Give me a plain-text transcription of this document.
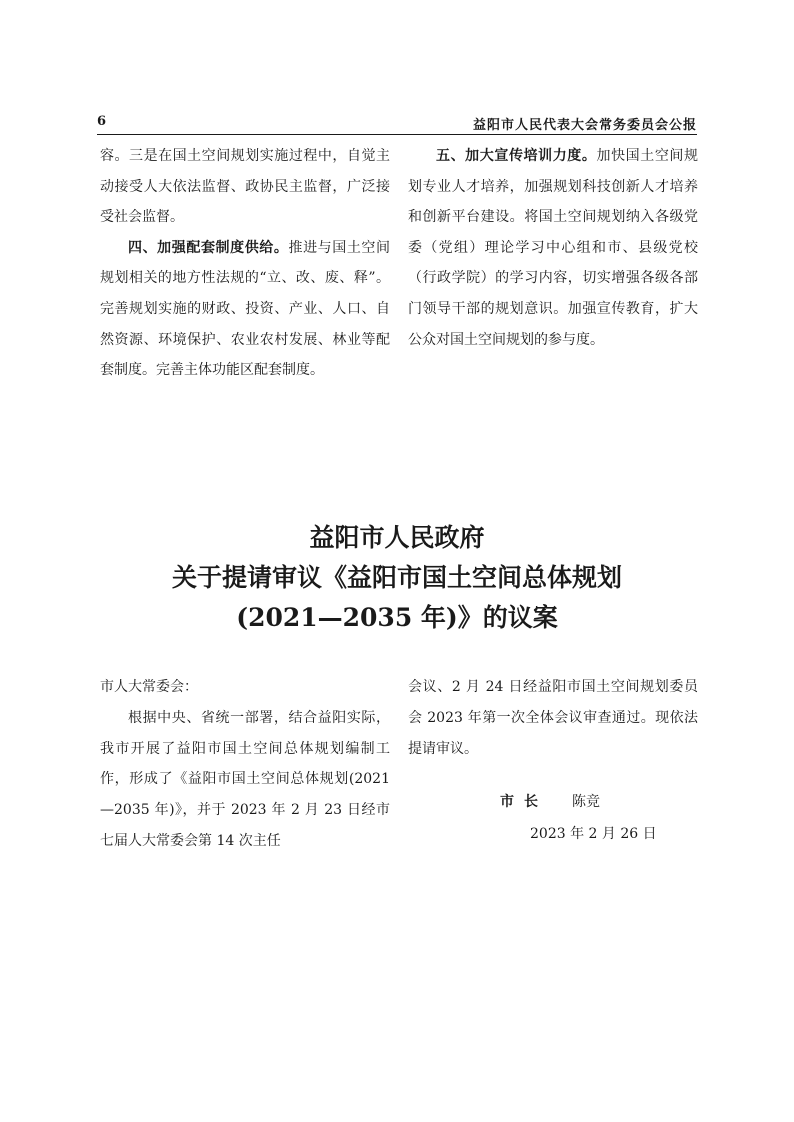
6	益阳市人民代表大会常务委员会公报

容。三是在国土空间规划实施过程中，自觉主动接受人大依法监督、政协民主监督，广泛接受社会监督。

四、加强配套制度供给。推进与国土空间规划相关的地方性法规的“立、改、废、释”。完善规划实施的财政、投资、产业、人口、自然资源、环境保护、农业农村发展、林业等配套制度。完善主体功能区配套制度。

五、加大宣传培训力度。加快国土空间规划专业人才培养，加强规划科技创新人才培养和创新平台建设。将国土空间规划纳入各级党委（党组）理论学习中心组和市、县级党校（行政学院）的学习内容，切实增强各级各部门领导干部的规划意识。加强宣传教育，扩大公众对国土空间规划的参与度。

益阳市人民政府
关于提请审议《益阳市国土空间总体规划
(2021—2035 年)》的议案

市人大常委会：

根据中央、省统一部署，结合益阳实际，我市开展了益阳市国土空间总体规划编制工作，形成了《益阳市国土空间总体规划(2021—2035 年)》，并于 2023 年 2 月 23 日经市七届人大常委会第 14 次主任

会议、2 月 24 日经益阳市国土空间规划委员会 2023 年第一次全体会议审查通过。现依法提请审议。

市长 陈竞
2023 年 2 月 26 日
